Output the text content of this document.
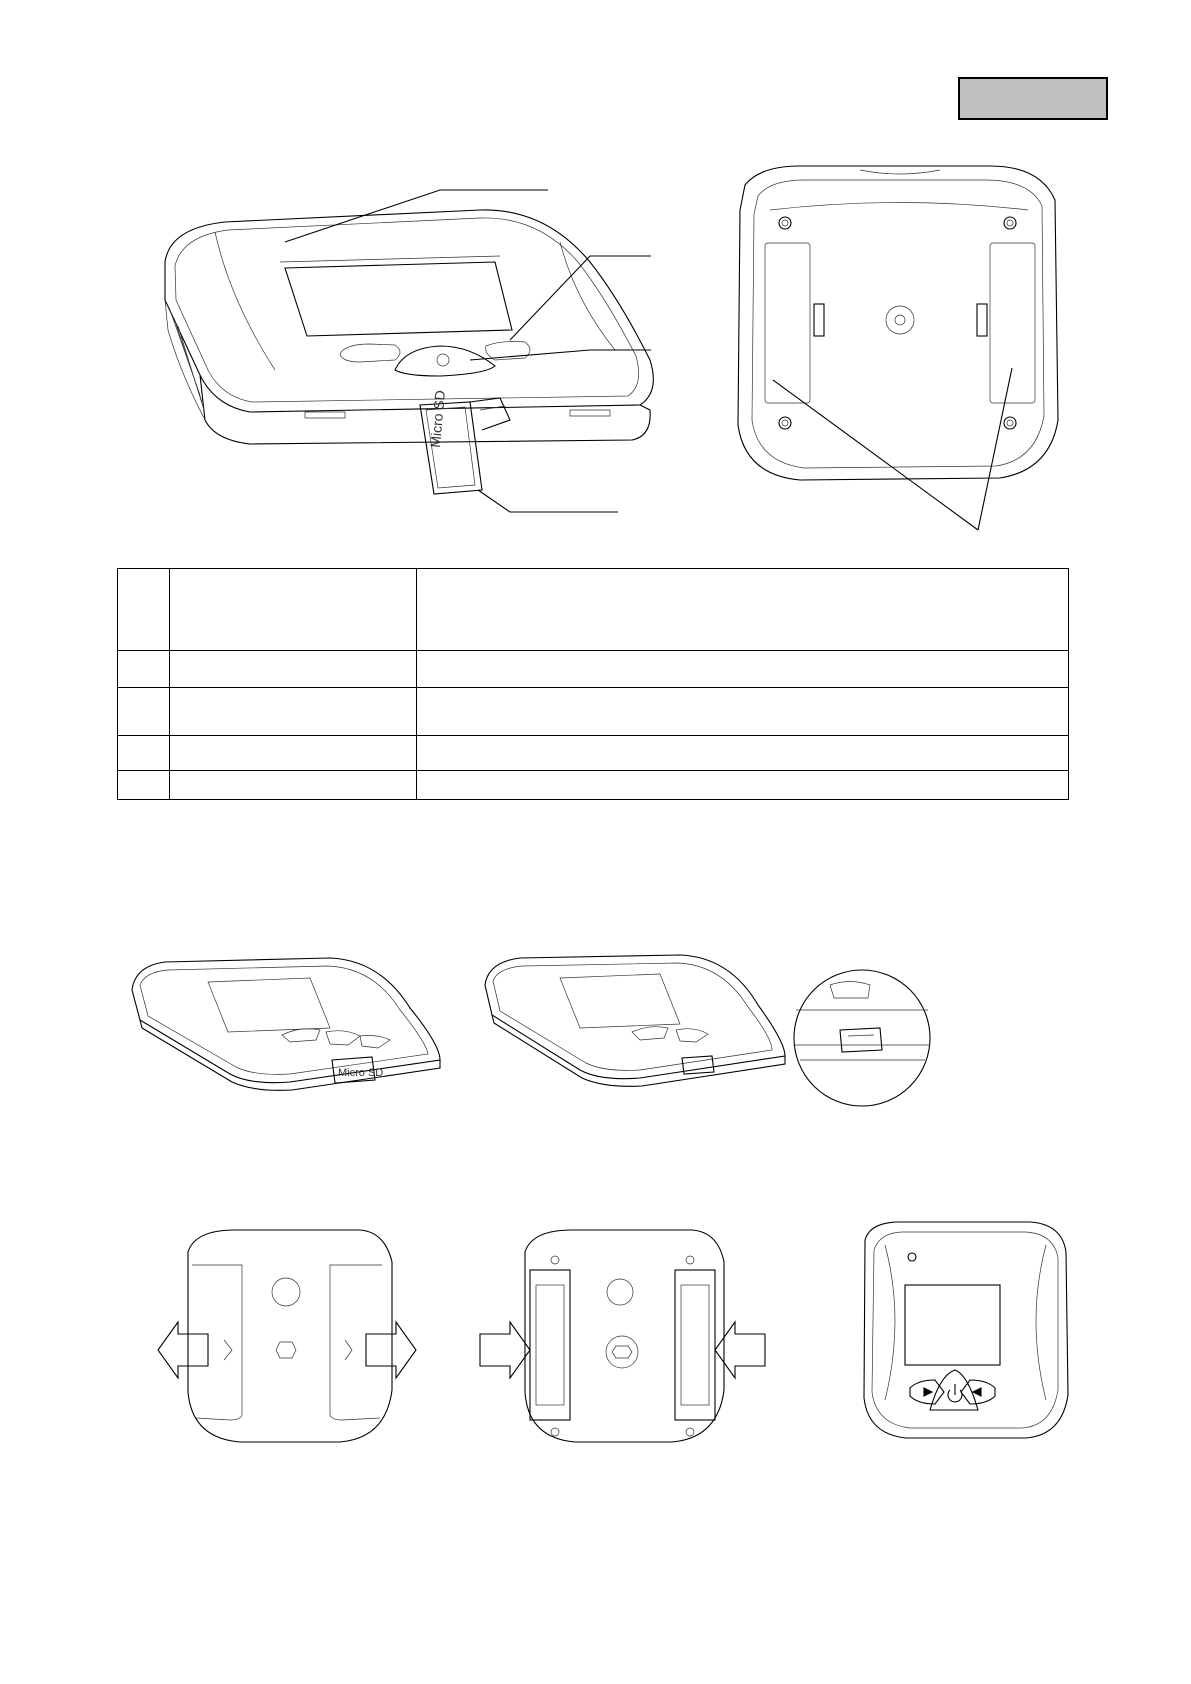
Micro SD

Micro SD
